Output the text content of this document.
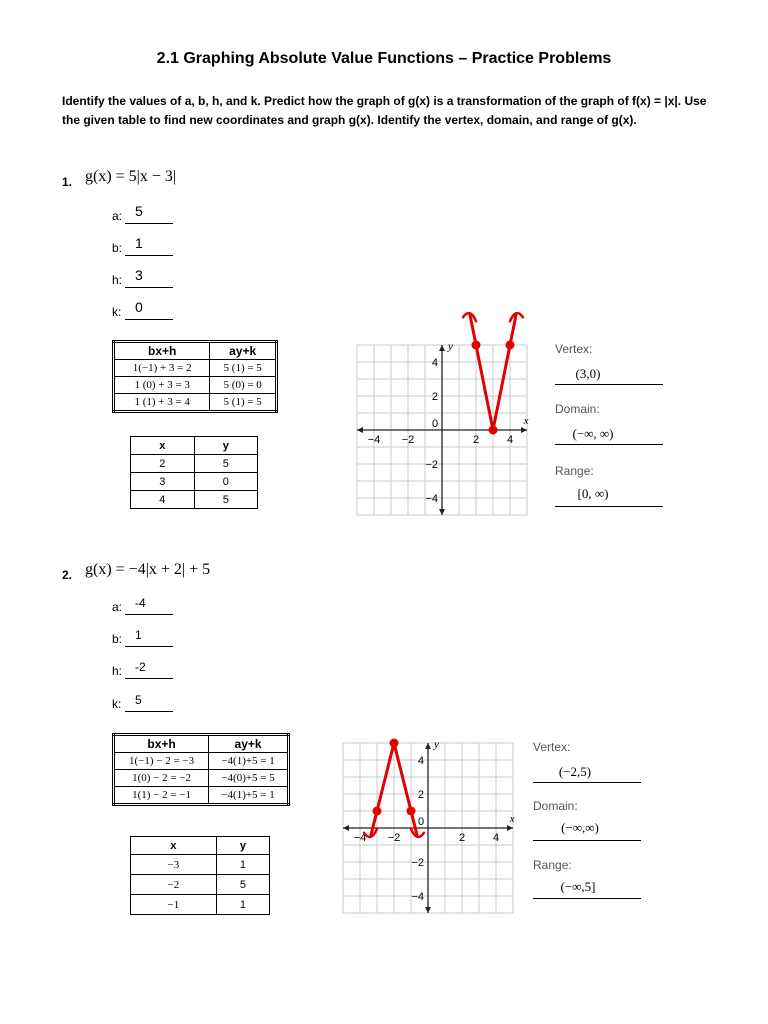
2.1 Graphing Absolute Value Functions – Practice Problems
Identify the values of a, b, h, and k. Predict how the graph of g(x) is a transformation of the graph of f(x) = |x|. Use the given table to find new coordinates and graph g(x). Identify the vertex, domain, and range of g(x).
1. g(x) = 5|x − 3|
a: 5
b: 1
h: 3
k: 0
bx+h	ay+k
1(−1) + 3 = 2	5 (1) = 5
1 (0) + 3 = 3	5 (0) = 0
1 (1) + 3 = 4	5 (1) = 5
x	y
2	5
3	0
4	5
−4 −2
0
2	4
4
2
−2
−4
x
y	Vertex:
(3,0)
Domain:
(−∞, ∞)
Range:
[0, ∞)
2. g(x) = −4|x + 2| + 5
a: -4
b: 1
h: -2
k: 5
bx+h	ay+k
1(−1) − 2 = −3	−4(1)+5 = 1
1(0) − 2 = −2	−4(0)+5 = 5
1(1) − 2 = −1	−4(1)+5 = 1
x	y
−3	1
−2	5
−1	1
−4 −2
0
2	4
4
2
−2
−4
x
y	Vertex:
(−2,5)
Domain:
(−∞,∞)
Range:
(−∞,5]
